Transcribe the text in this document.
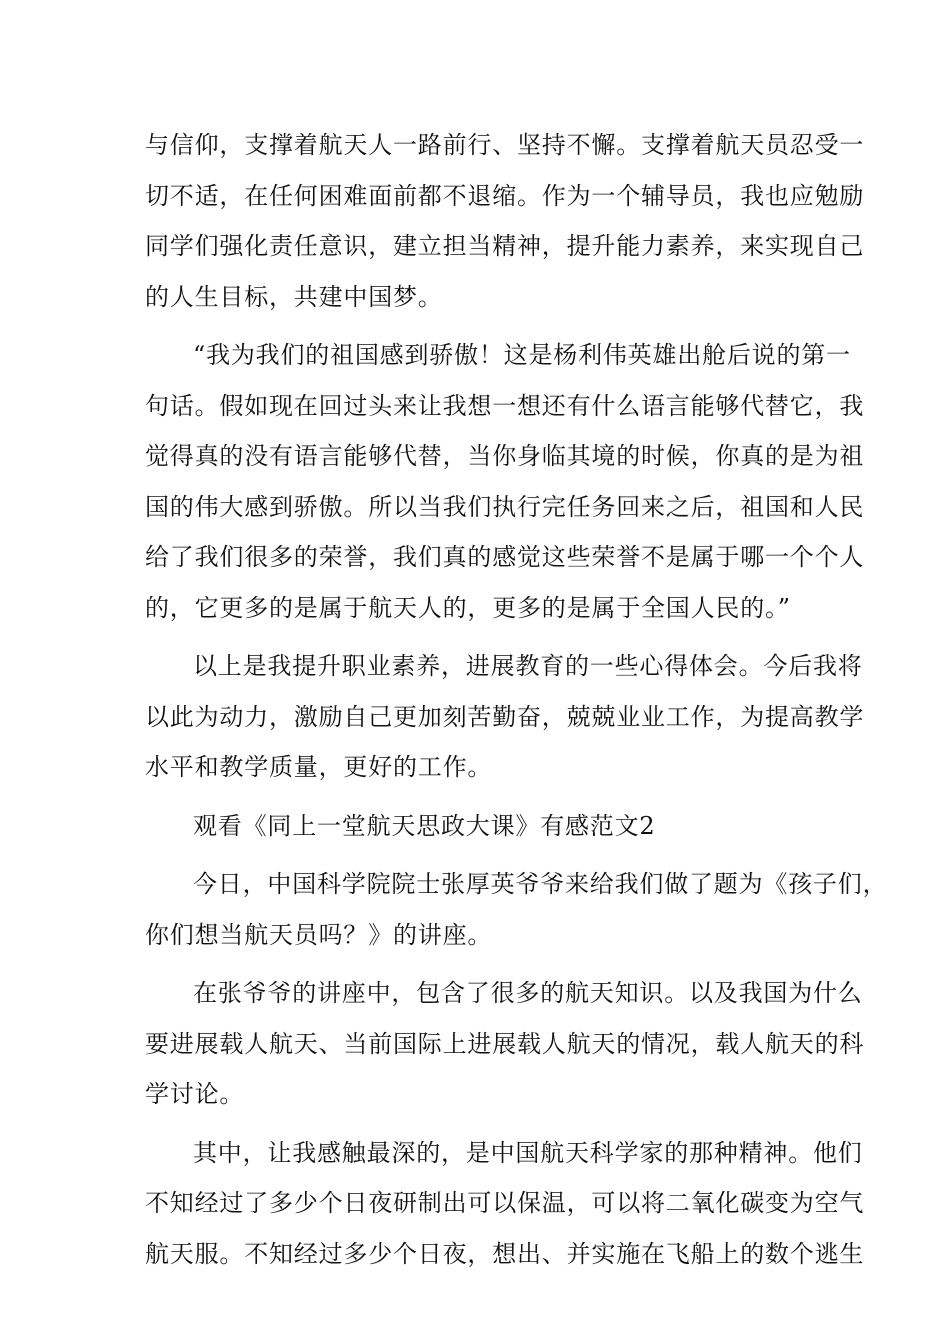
与信仰，支撑着航天人一路前行、坚持不懈。支撑着航天员忍受一
切不适，在任何困难面前都不退缩。作为一个辅导员，我也应勉励
同学们强化责任意识，建立担当精神，提升能力素养，来实现自己
的人生目标，共建中国梦。
“我为我们的祖国感到骄傲！这是杨利伟英雄出舱后说的第一
句话。假如现在回过头来让我想一想还有什么语言能够代替它，我
觉得真的没有语言能够代替，当你身临其境的时候，你真的是为祖
国的伟大感到骄傲。所以当我们执行完任务回来之后，祖国和人民
给了我们很多的荣誉，我们真的感觉这些荣誉不是属于哪一个个人
的，它更多的是属于航天人的，更多的是属于全国人民的。”
以上是我提升职业素养，进展教育的一些心得体会。今后我将
以此为动力，激励自己更加刻苦勤奋，兢兢业业工作，为提高教学
水平和教学质量，更好的工作。
观看《同上一堂航天思政大课》有感范文2
今日，中国科学院院士张厚英爷爷来给我们做了题为《孩子们，
你们想当航天员吗？》的讲座。
在张爷爷的讲座中，包含了很多的航天知识。以及我国为什么
要进展载人航天、当前国际上进展载人航天的情况，载人航天的科
学讨论。
其中，让我感触最深的，是中国航天科学家的那种精神。他们
不知经过了多少个日夜研制出可以保温，可以将二氧化碳变为空气
航天服。不知经过多少个日夜，想出、并实施在飞船上的数个逃生
